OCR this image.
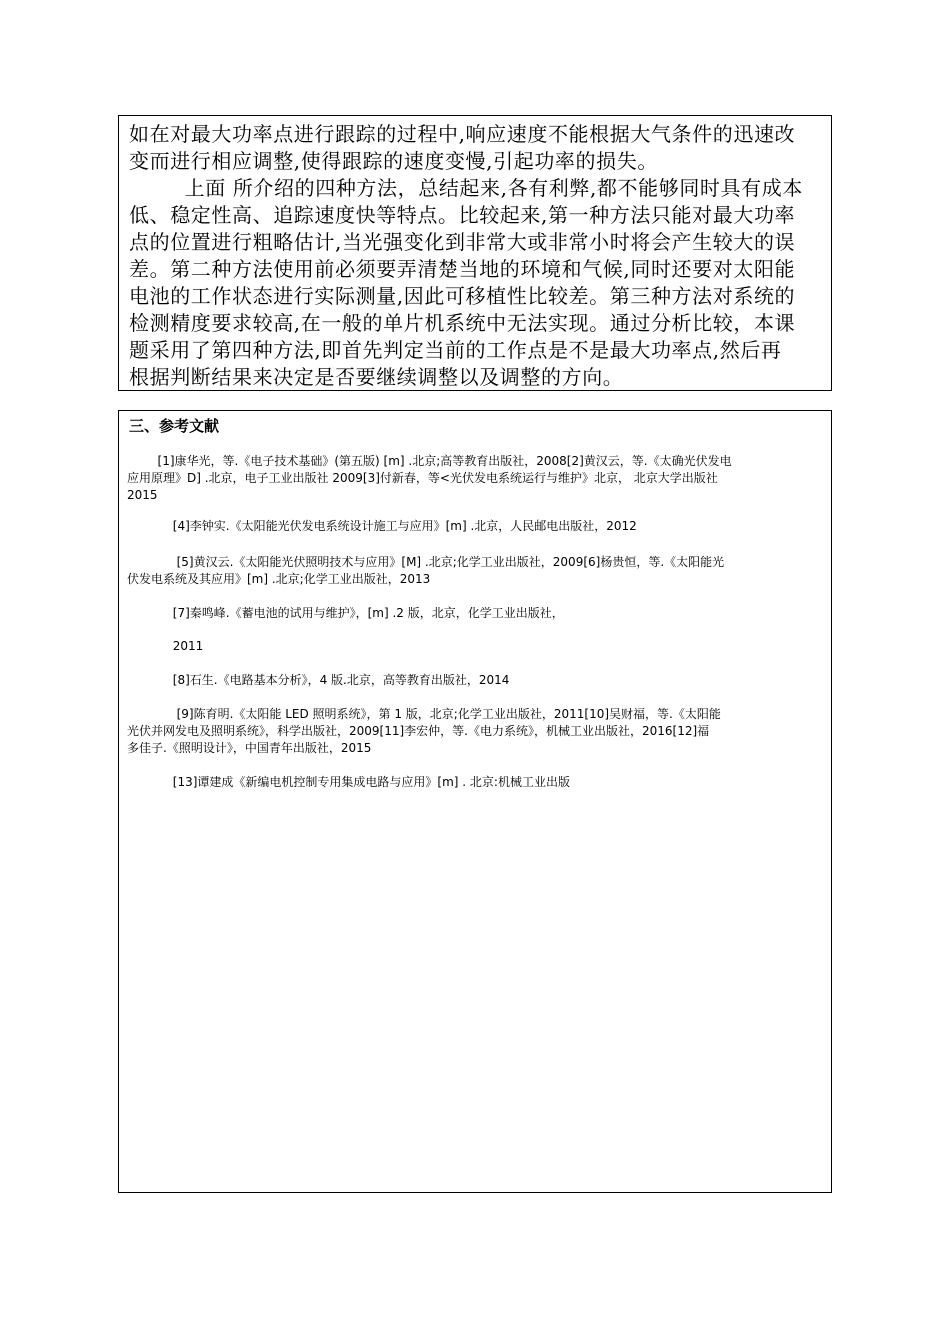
如在对最大功率点进行跟踪的过程中,响应速度不能根据大气条件的迅速改

变而进行相应调整,使得跟踪的速度变慢,引起功率的损失。

上面 所介绍的四种方法，总结起来,各有利弊,都不能够同时具有成本

低、稳定性高、追踪速度快等特点。比较起来,第一种方法只能对最大功率

点的位置进行粗略估计,当光强变化到非常大或非常小时将会产生较大的误

差。第二种方法使用前必须要弄清楚当地的环境和气候,同时还要对太阳能

电池的工作状态进行实际测量,因此可移植性比较差。第三种方法对系统的

检测精度要求较高,在一般的单片机系统中无法实现。通过分析比较，本课

题采用了第四种方法,即首先判定当前的工作点是不是最大功率点,然后再

根据判断结果来决定是否要继续调整以及调整的方向。

三、参考文献

[1]康华光，等.《电子技术基础》(第五版) [m] .北京;高等教育出版社，2008[2]黄汉云，等.《太确光伏发电

应用原理》D] .北京，电子工业出版社 2009[3]付新春，等<光伏发电系统运行与维护》北京， 北京大学出版社

2015

[4]李钟实.《太阳能光伏发电系统设计施工与应用》[m] .北京，人民邮电出版社，2012

[5]黄汉云.《太阳能光伏照明技术与应用》[M] .北京;化学工业出版社，2009[6]杨贵恒，等.《太阳能光

伏发电系统及其应用》[m] .北京;化学工业出版社，2013

[7]秦鸣峰.《蓄电池的试用与维护》，[m] .2 版，北京，化学工业出版社，

2011

[8]石生.《电路基本分析》，4 版.北京，高等教育出版社，2014

[9]陈育明.《太阳能 LED 照明系统》，第 1 版，北京;化学工业出版社，2011[10]吴财福，等.《太阳能

光伏并网发电及照明系统》，科学出版社，2009[11]李宏仲，等.《电力系统》，机械工业出版社，2016[12]福

多佳子.《照明设计》，中国青年出版社，2015

[13]谭建成《新编电机控制专用集成电路与应用》[m] . 北京:机械工业出版
